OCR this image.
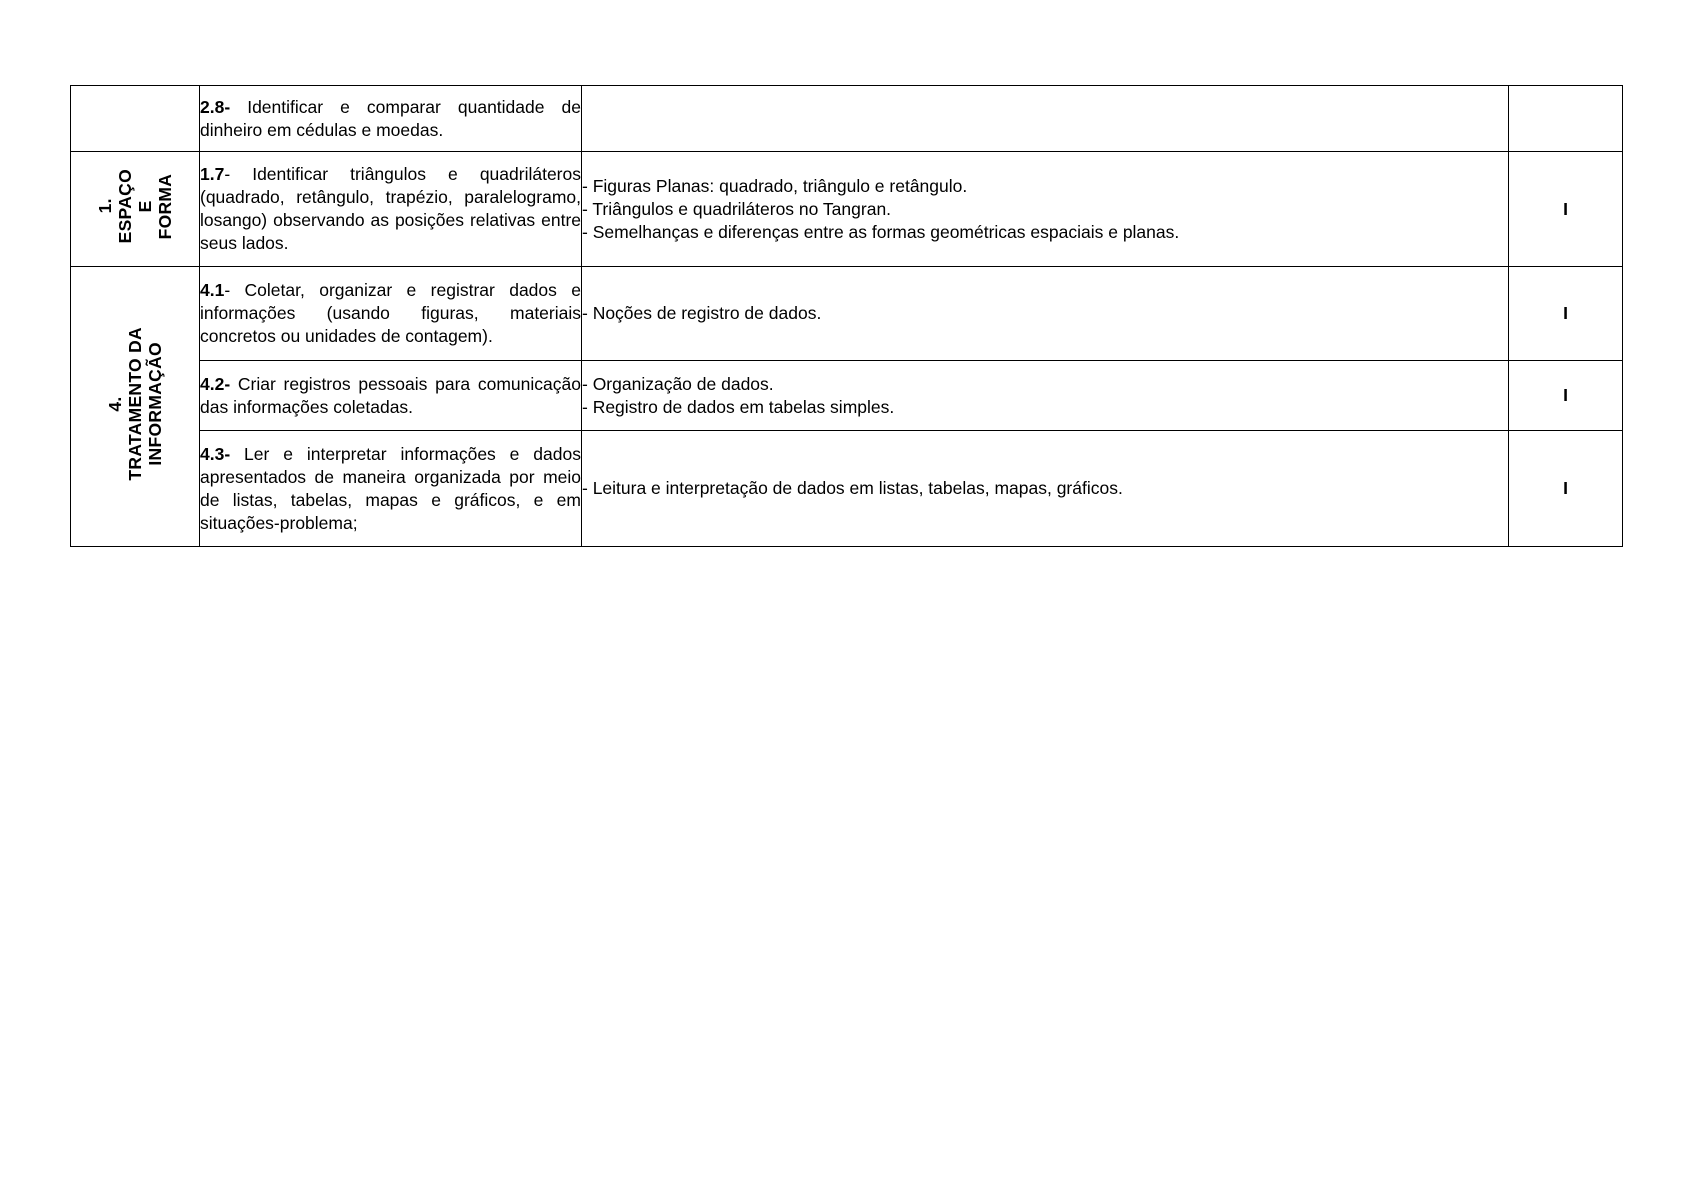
	2.8- Identificar e comparar quantidade de dinheiro em cédulas e moedas.		
1.
ESPAÇO
E
FORMA	1.7- Identificar triângulos e quadriláteros (quadrado, retângulo, trapézio, paralelogramo, losango) observando as posições relativas entre seus lados.	- Figuras Planas: quadrado, triângulo e retângulo.
- Triângulos e quadriláteros no Tangran.
- Semelhanças e diferenças entre as formas geométricas espaciais e planas.	I
4.
TRATAMENTO DA
INFORMAÇÃO	4.1- Coletar, organizar e registrar dados e informações (usando figuras, materiais concretos ou unidades de contagem).	- Noções de registro de dados.	I
	4.2- Criar registros pessoais para comunicação das informações coletadas.	- Organização de dados.
- Registro de dados em tabelas simples.	I
	4.3- Ler e interpretar informações e dados apresentados de maneira organizada por meio de listas, tabelas, mapas e gráficos, e em situações-problema;	- Leitura e interpretação de dados em listas, tabelas, mapas, gráficos.	I
